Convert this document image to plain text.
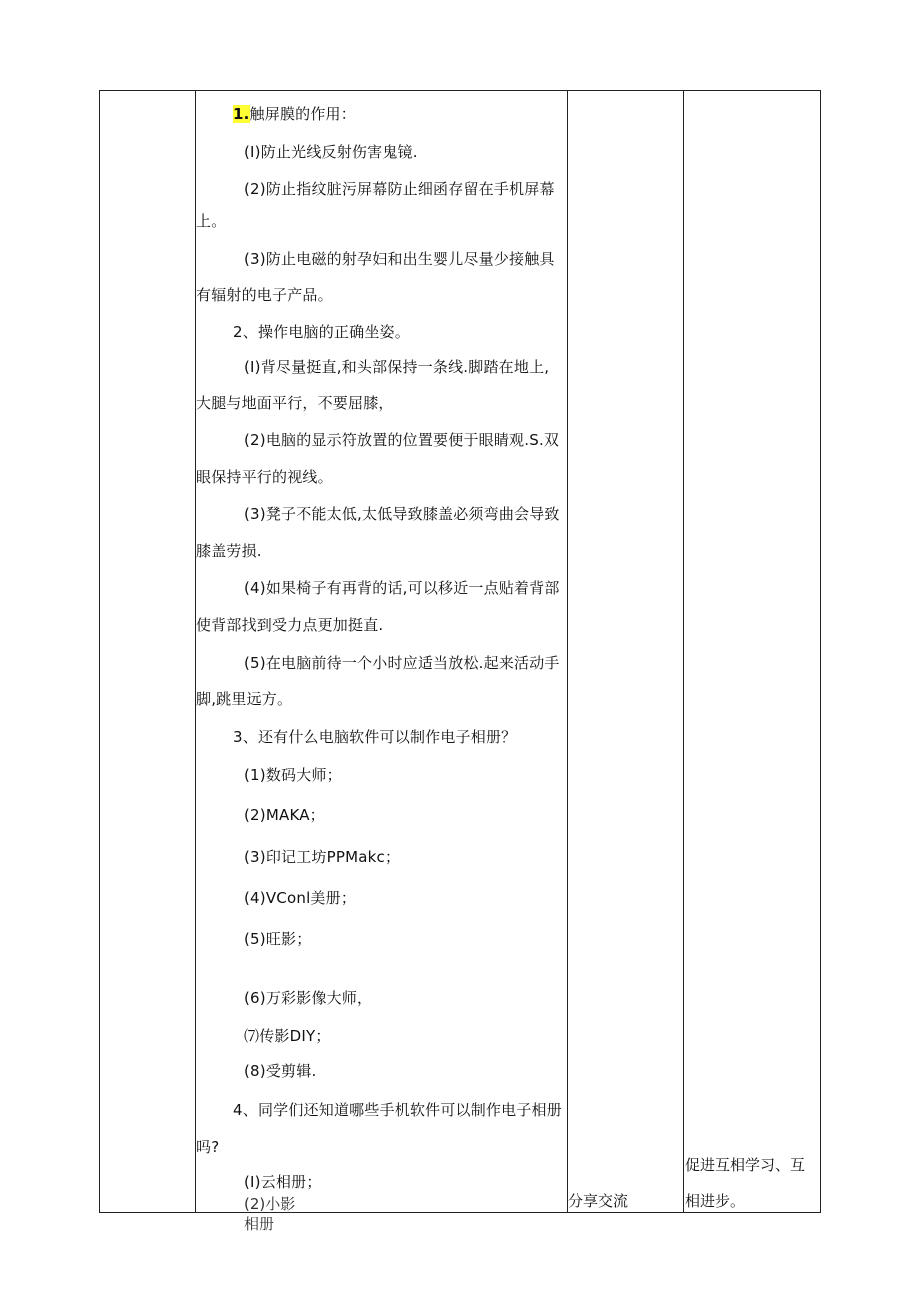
1.触屏膜的作用：
(I)防止光线反射伤害鬼镜.
(2)防止指纹脏污屏幕防止细函存留在手机屏幕
上。
(3)防止电磁的射孕妇和出生婴儿尽量少接触具
有辐射的电子产品。
2、操作电脑的正确坐姿。
(I)背尽量挺直,和头部保持一条线.脚踏在地上,
大腿与地面平行，不要屈膝，
(2)电脑的显示符放置的位置要便于眼睛观.S.双
眼保持平行的视线。
(3)凳子不能太低,太低导致膝盖必须弯曲会导致
膝盖劳损.
(4)如果椅子有再背的话,可以移近一点贴着背部
使背部找到受力点更加挺直.
(5)在电脑前待一个小时应适当放松.起来活动手
脚,跳里远方。
3、还有什么电脑软件可以制作电子相册？
(1)数码大师；
(2)MAKA；
(3)印记工坊PPMakc；
(4)VConl美册；
(5)旺影；
(6)万彩影像大师，
⑺传影DIY；
(8)受剪辑.
4、同学们还知道哪些手机软件可以制作电子相册
吗?
(I)云相册；
(2)小影相册
分享交流
促进互相学习、互
相进步。
